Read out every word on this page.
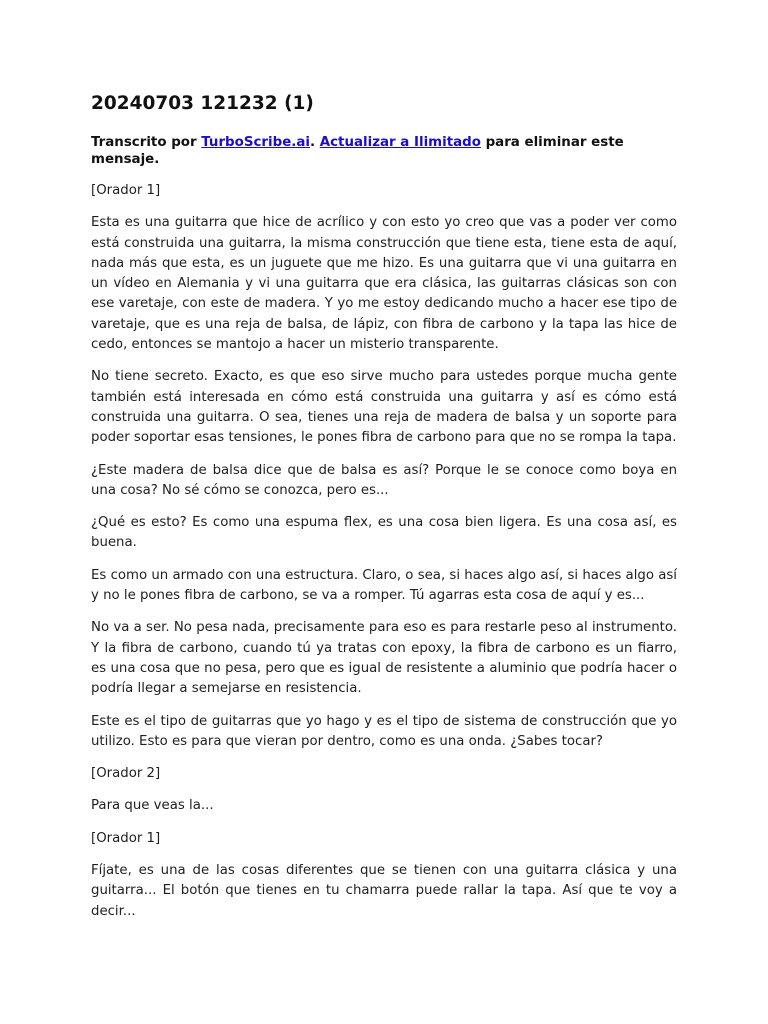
20240703 121232 (1)
Transcrito por TurboScribe.ai. Actualizar a Ilimitado para eliminar este mensaje.

[Orador 1]

Esta es una guitarra que hice de acrílico y con esto yo creo que vas a poder ver como está construida una guitarra, la misma construcción que tiene esta, tiene esta de aquí, nada más que esta, es un juguete que me hizo. Es una guitarra que vi una guitarra en un vídeo en Alemania y vi una guitarra que era clásica, las guitarras clásicas son con ese varetaje, con este de madera. Y yo me estoy dedicando mucho a hacer ese tipo de varetaje, que es una reja de balsa, de lápiz, con fibra de carbono y la tapa las hice de cedo, entonces se mantojo a hacer un misterio transparente.

No tiene secreto. Exacto, es que eso sirve mucho para ustedes porque mucha gente también está interesada en cómo está construida una guitarra y así es cómo está construida una guitarra. O sea, tienes una reja de madera de balsa y un soporte para poder soportar esas tensiones, le pones fibra de carbono para que no se rompa la tapa.

¿Este madera de balsa dice que de balsa es así? Porque le se conoce como boya en una cosa? No sé cómo se conozca, pero es...

¿Qué es esto? Es como una espuma flex, es una cosa bien ligera. Es una cosa así, es buena.

Es como un armado con una estructura. Claro, o sea, si haces algo así, si haces algo así y no le pones fibra de carbono, se va a romper. Tú agarras esta cosa de aquí y es...

No va a ser. No pesa nada, precisamente para eso es para restarle peso al instrumento. Y la fibra de carbono, cuando tú ya tratas con epoxy, la fibra de carbono es un fiarro, es una cosa que no pesa, pero que es igual de resistente a aluminio que podría hacer o podría llegar a semejarse en resistencia.

Este es el tipo de guitarras que yo hago y es el tipo de sistema de construcción que yo utilizo. Esto es para que vieran por dentro, como es una onda. ¿Sabes tocar?

[Orador 2]

Para que veas la...

[Orador 1]

Fíjate, es una de las cosas diferentes que se tienen con una guitarra clásica y una guitarra... El botón que tienes en tu chamarra puede rallar la tapa. Así que te voy a decir...
